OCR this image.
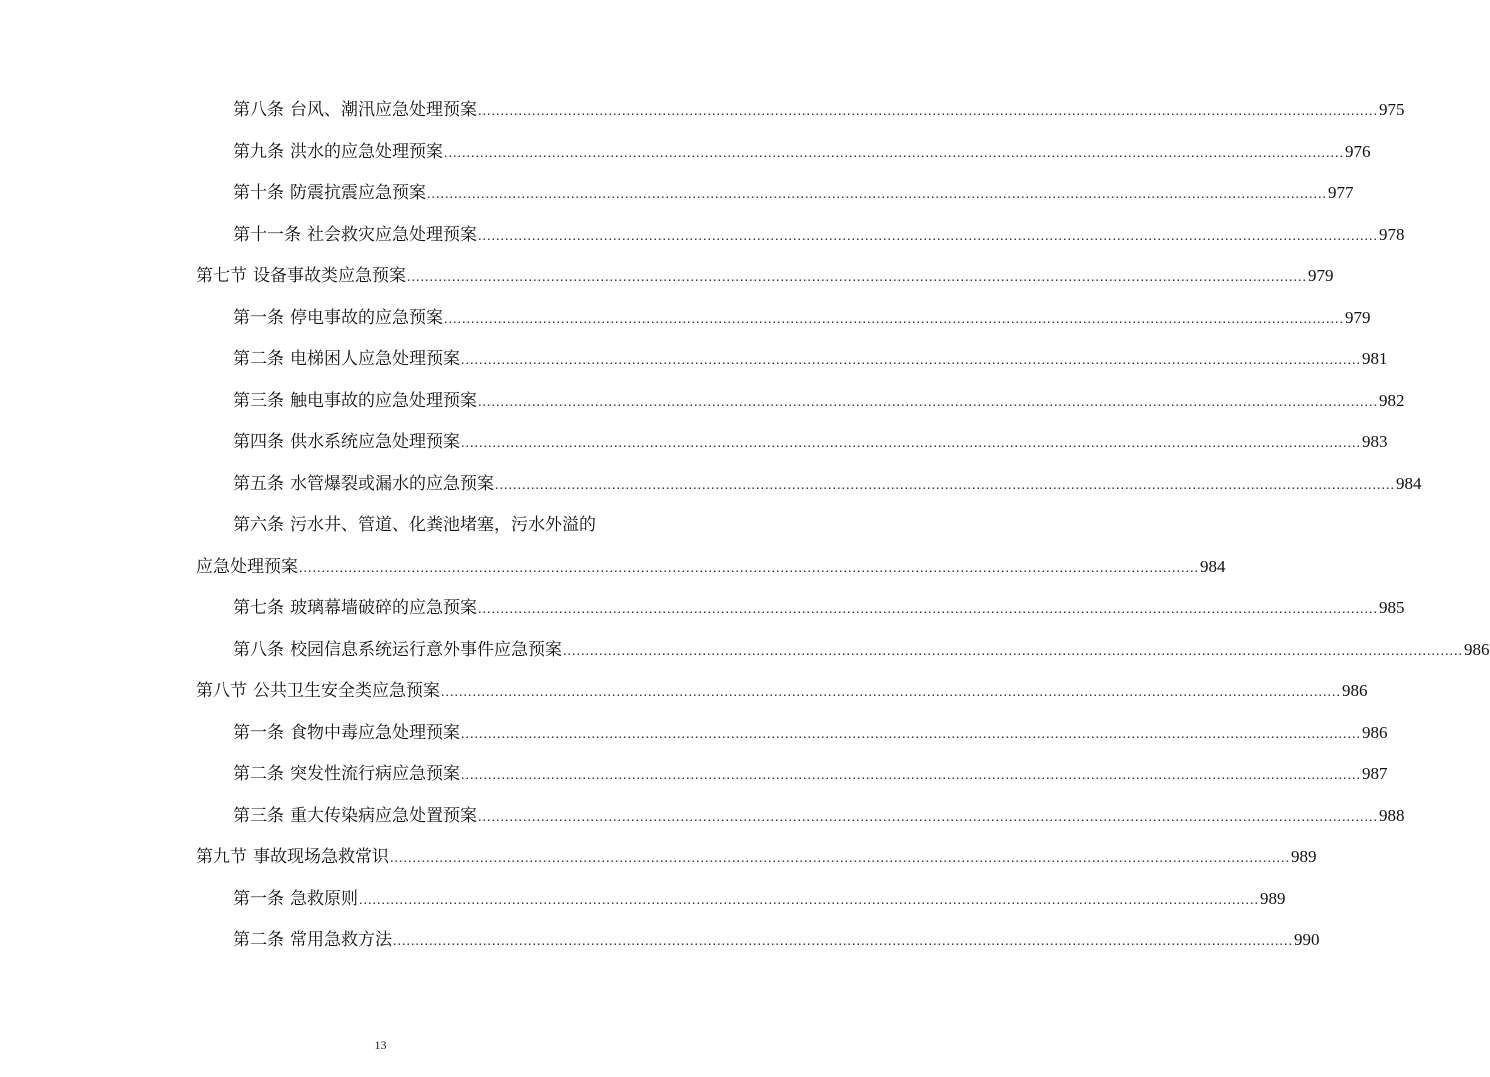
第八条 台风、潮汛应急处理预案 ........................................................................................................................................................................................................ 975
第九条 洪水的应急处理预案 ........................................................................................................................................................................................................ 976
第十条 防震抗震应急预案 ........................................................................................................................................................................................................ 977
第十一条 社会救灾应急处理预案 ........................................................................................................................................................................................................ 978
第七节 设备事故类应急预案 ........................................................................................................................................................................................................ 979
第一条 停电事故的应急预案 ........................................................................................................................................................................................................ 979
第二条 电梯困人应急处理预案 ........................................................................................................................................................................................................ 981
第三条 触电事故的应急处理预案 ........................................................................................................................................................................................................ 982
第四条 供水系统应急处理预案 ........................................................................................................................................................................................................ 983
第五条 水管爆裂或漏水的应急预案 ........................................................................................................................................................................................................ 984
第六条 污水井、管道、化粪池堵塞，污水外溢的
应急处理预案 ........................................................................................................................................................................................................ 984
第七条 玻璃幕墙破碎的应急预案 ........................................................................................................................................................................................................ 985
第八条 校园信息系统运行意外事件应急预案 ........................................................................................................................................................................................................ 986
第八节 公共卫生安全类应急预案 ........................................................................................................................................................................................................ 986
第一条 食物中毒应急处理预案 ........................................................................................................................................................................................................ 986
第二条 突发性流行病应急预案 ........................................................................................................................................................................................................ 987
第三条 重大传染病应急处置预案 ........................................................................................................................................................................................................ 988
第九节 事故现场急救常识 ........................................................................................................................................................................................................ 989
第一条 急救原则 ........................................................................................................................................................................................................ 989
第二条 常用急救方法 ........................................................................................................................................................................................................ 990
13
